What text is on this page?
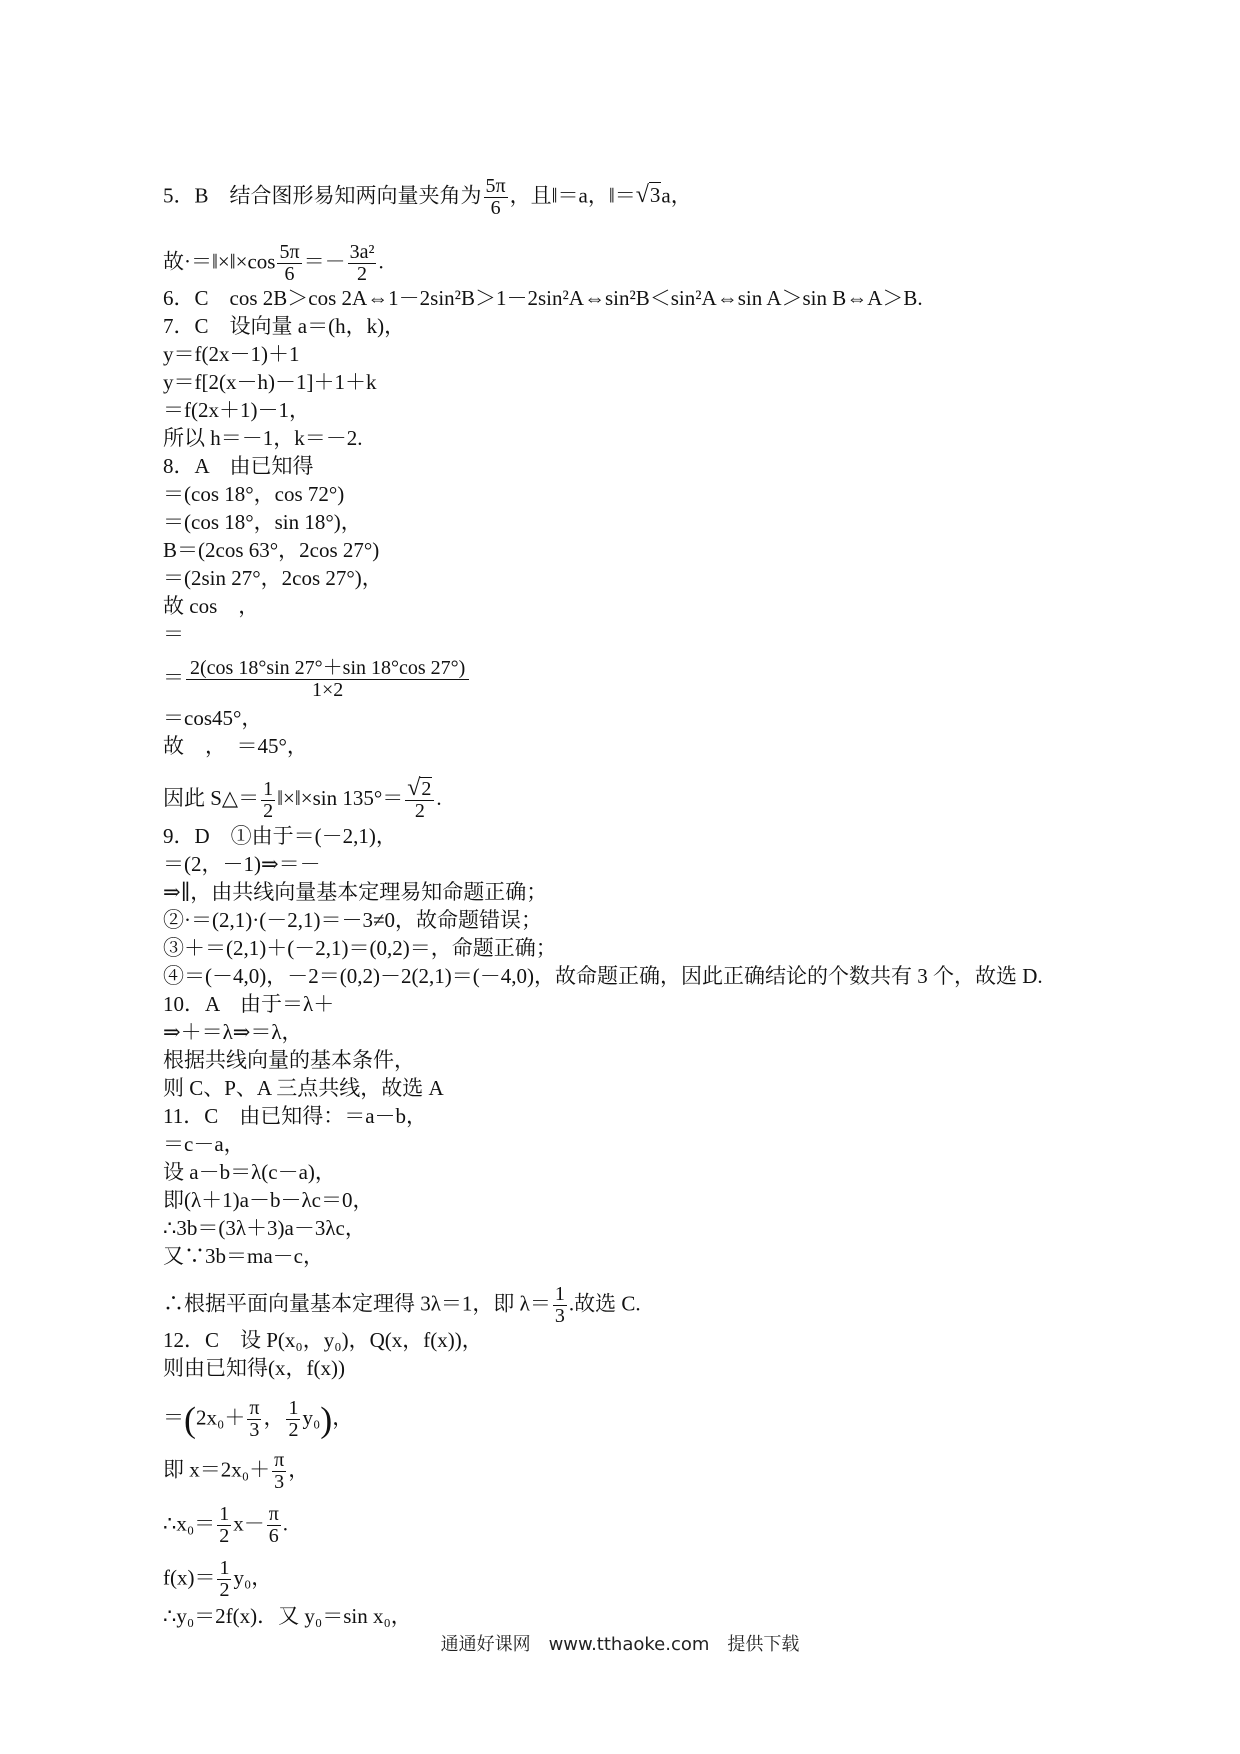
5．B　结合图形易知两向量夹角为 $\frac{5\pi}{6}$ ，且‖＝a，‖＝√3a，
故·＝‖×‖×cos $\frac{5\pi}{6} =- \frac{\text{3a²}}{2}$ .
6．C　cos 2B＞cos 2A⇔1－2sin²B＞1－2sin²A⇔sin²B＜sin²A⇔sin A＞sin B⇔A＞B.
7．C　设向量 a＝(h，k)，
y＝f(2x－1)＋1
y＝f[2(x－h)－1]＋1＋k
＝f(2x＋1)－1，
所以 h＝－1，k＝－2.
8．A　由已知得
＝(cos 18°，cos 72°)
＝(cos 18°，sin 18°)，
B＝(2cos 63°，2cos 27°)
＝(2sin 27°，2cos 27°)，
故 cos　，
＝
＝ $\frac{2(\cos 18^\circ\sin 27^\circ+\sin 18^\circ\cos 27^\circ)}{1\times 2}$
＝cos45°，
故　，　＝45°，
因此 S△＝ $\frac{1}{2}$ ‖×‖×sin $135^\circ= \frac{√2}{2}$ .
9．D　①由于＝(－2,1)，
＝(2，－1)⇒＝－
⇒∥，由共线向量基本定理易知命题正确；
②·＝(2,1)·(－2,1)＝－3≠0，故命题错误；
③＋＝(2,1)＋(－2,1)＝(0,2)＝，命题正确；
④＝(－4,0)，－2＝(0,2)－2(2,1)＝(－4,0)，故命题正确，因此正确结论的个数共有 3 个，故选 D.
10．A　由于＝λ＋
⇒＋＝λ⇒＝λ，
根据共线向量的基本条件，
则 C、P、A 三点共线，故选 A
11．C　由已知得：＝a－b，
＝c－a，
设 a－b＝λ(c－a)，
即(λ＋1)a－b－λc＝0，
∴3b＝(3λ＋3)a－3λc，
又∵3b＝ma－c，
∴根据平面向量基本定理得 3λ＝1，即 $\lambda= \frac{1}{3}$ .故选 C.
12．C　设 P(x₀，y₀)，Q(x，f(x))，
则由已知得(x，f(x))
$=(2x_0+ \frac{\pi}{3}$ ， $\frac{1}{2} y_0$)，
即 $x=2x_0+ \frac{\pi}{3}$ ，
∴x₀＝ $\frac{1}{2} x- \frac{\pi}{6}$ .
$f(x)= \frac{1}{2} y_0$，
∴y₀＝2f(x)．又 y₀＝sin x₀，
通通好课网　www.tthaoke.com　提供下载
